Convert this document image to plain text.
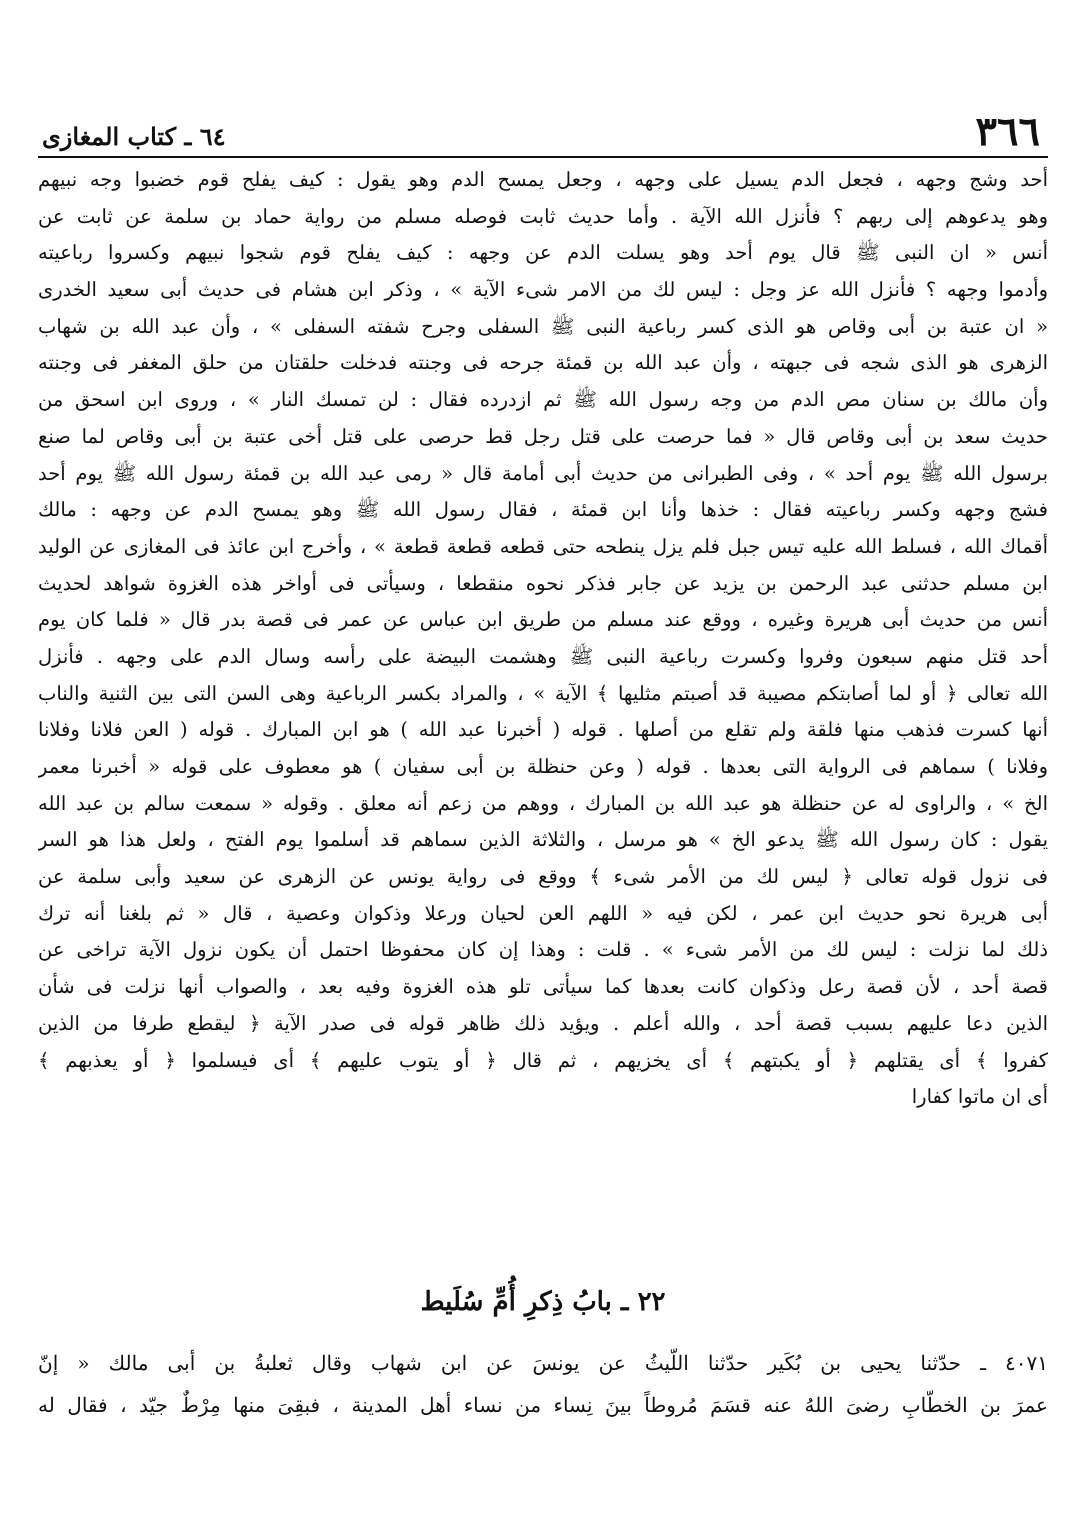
٣٦٦
٦٤ ـ كتاب المغازى
أحد وشج وجهه ، فجعل الدم يسيل على وجهه ، وجعل يمسح الدم وهو يقول : كيف يفلح قوم خضبوا وجه نبيهم
وهو يدعوهم إلى ربهم ؟ فأنزل الله الآية . وأما حديث ثابت فوصله مسلم من رواية حماد بن سلمة عن ثابت عن
أنس « ان النبى ﷺ قال يوم أحد وهو يسلت الدم عن وجهه : كيف يفلح قوم شجوا نبيهم وكسروا رباعيته
وأدموا وجهه ؟ فأنزل الله عز وجل : ليس لك من الامر شىء الآية » ، وذكر ابن هشام فى حديث أبى سعيد الخدرى
« ان عتبة بن أبى وقاص هو الذى كسر رباعية النبى ﷺ السفلى وجرح شفته السفلى » ، وأن عبد الله بن شهاب
الزهرى هو الذى شجه فى جبهته ، وأن عبد الله بن قمئة جرحه فى وجنته فدخلت حلقتان من حلق المغفر فى وجنته
وأن مالك بن سنان مص الدم من وجه رسول الله ﷺ ثم ازدرده فقال : لن تمسك النار » ، وروى ابن اسحق من
حديث سعد بن أبى وقاص قال « فما حرصت على قتل رجل قط حرصى على قتل أخى عتبة بن أبى وقاص لما صنع
برسول الله ﷺ يوم أحد » ، وفى الطبرانى من حديث أبى أمامة قال « رمى عبد الله بن قمئة رسول الله ﷺ يوم أحد
فشج وجهه وكسر رباعيته فقال : خذها وأنا ابن قمئة ، فقال رسول الله ﷺ وهو يمسح الدم عن وجهه : مالك
أقماك الله ، فسلط الله عليه تيس جبل فلم يزل ينطحه حتى قطعه قطعة قطعة » ، وأخرج ابن عائذ فى المغازى عن الوليد
ابن مسلم حدثنى عبد الرحمن بن يزيد عن جابر فذكر نحوه منقطعا ، وسيأتى فى أواخر هذه الغزوة شواهد لحديث
أنس من حديث أبى هريرة وغيره ، ووقع عند مسلم من طريق ابن عباس عن عمر فى قصة بدر قال « فلما كان يوم
أحد قتل منهم سبعون وفروا وكسرت رباعية النبى ﷺ وهشمت البيضة على رأسه وسال الدم على وجهه . فأنزل
الله تعالى ﴿ أو لما أصابتكم مصيبة قد أصبتم مثليها ﴾ الآية » ، والمراد بكسر الرباعية وهى السن التى بين الثنية والناب
أنها كسرت فذهب منها فلقة ولم تقلع من أصلها . قوله ( أخبرنا عبد الله ) هو ابن المبارك . قوله ( العن فلانا وفلانا
وفلانا ) سماهم فى الرواية التى بعدها . قوله ( وعن حنظلة بن أبى سفيان ) هو معطوف على قوله « أخبرنا معمر
الخ » ، والراوى له عن حنظلة هو عبد الله بن المبارك ، ووهم من زعم أنه معلق . وقوله « سمعت سالم بن عبد الله
يقول : كان رسول الله ﷺ يدعو الخ » هو مرسل ، والثلاثة الذين سماهم قد أسلموا يوم الفتح ، ولعل هذا هو السر
فى نزول قوله تعالى ﴿ ليس لك من الأمر شىء ﴾ ووقع فى رواية يونس عن الزهرى عن سعيد وأبى سلمة عن
أبى هريرة نحو حديث ابن عمر ، لكن فيه « اللهم العن لحيان ورعلا وذكوان وعصية ، قال « ثم بلغنا أنه ترك
ذلك لما نزلت : ليس لك من الأمر شىء » . قلت : وهذا إن كان محفوظا احتمل أن يكون نزول الآية تراخى عن
قصة أحد ، لأن قصة رعل وذكوان كانت بعدها كما سيأتى تلو هذه الغزوة وفيه بعد ، والصواب أنها نزلت فى شأن
الذين دعا عليهم بسبب قصة أحد ، والله أعلم . ويؤيد ذلك ظاهر قوله فى صدر الآية ﴿ ليقطع طرفا من الذين
كفروا ﴾ أى يقتلهم ﴿ أو يكبتهم ﴾ أى يخزيهم ، ثم قال ﴿ أو يتوب عليهم ﴾ أى فيسلموا ﴿ أو يعذبهم ﴾
أى ان ماتوا كفارا
٢٢ ـ بابُ ذِكرِ أُمِّ سُلَيط
٤٠٧١ ـ حدّثنا يحيى بن بُكَير حدّثنا اللّيثُ عن يونسَ عن ابن شهاب وقال ثعلبةُ بن أبى مالك « إنّ
عمرَ بن الخطّابِ رضىَ اللهُ عنه قسَمَ مُروطاً بينَ نِساء من نساء أهل المدينة ، فبقِىَ منها مِرْطٌ جيّد ، فقال له
